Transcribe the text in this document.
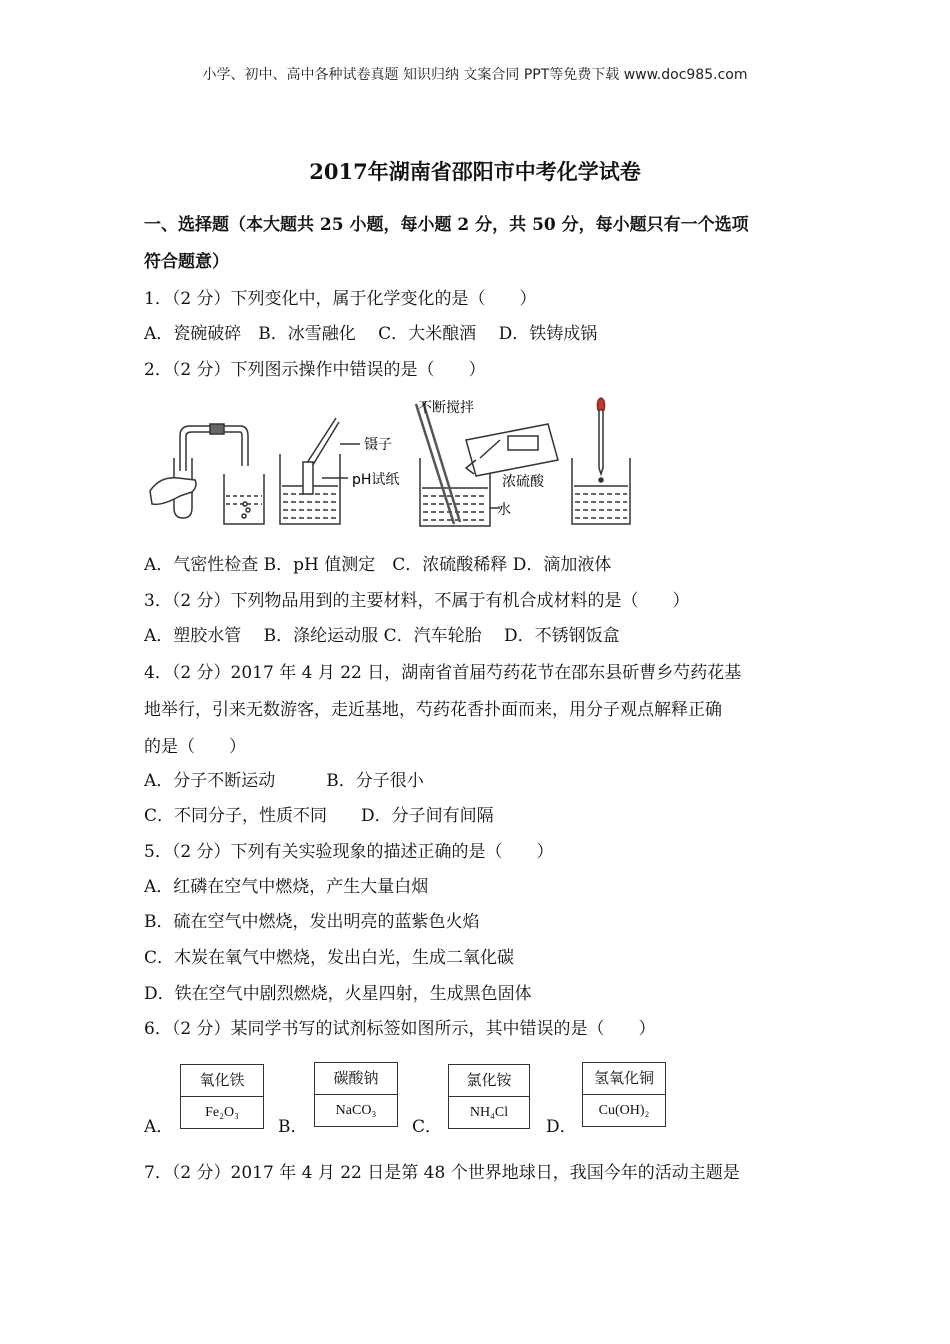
小学、初中、高中各种试卷真题 知识归纳 文案合同 PPT等免费下载 www.doc985.com
2017年湖南省邵阳市中考化学试卷
一、选择题（本大题共 25 小题，每小题 2 分，共 50 分，每小题只有一个选项
符合题意）
1．（2 分）下列变化中，属于化学变化的是（　　）
A．瓷碗破碎　B．冰雪融化　 C．大米酿酒　 D．铁铸成锅
2．（2 分）下列图示操作中错误的是（　　）
镊子
pH试纸
不断搅拌
浓硫酸
水
A．气密性检查 B．pH 值测定　C．浓硫酸稀释 D．滴加液体
3．（2 分）下列物品用到的主要材料，不属于有机合成材料的是（　　）
A．塑胶水管　 B．涤纶运动服 C．汽车轮胎　 D．不锈钢饭盒
4．（2 分）2017 年 4 月 22 日，湖南省首届芍药花节在邵东县斫曹乡芍药花基
地举行，引来无数游客，走近基地，芍药花香扑面而来，用分子观点解释正确
的是（　　）
A．分子不断运动　　　B．分子很小
C．不同分子，性质不同　　D．分子间有间隔
5．（2 分）下列有关实验现象的描述正确的是（　　）
A．红磷在空气中燃烧，产生大量白烟
B．硫在空气中燃烧，发出明亮的蓝紫色火焰
C．木炭在氧气中燃烧，发出白光，生成二氧化碳
D．铁在空气中剧烈燃烧，火星四射，生成黑色固体
6．（2 分）某同学书写的试剂标签如图所示，其中错误的是（　　）
A．
氧化铁
Fe₂O₃
B．
碳酸钠
NaCO₃
C．
氯化铵
NH₄Cl
D．
氢氧化铜
Cu(OH)₂
7．（2 分）2017 年 4 月 22 日是第 48 个世界地球日，我国今年的活动主题是
